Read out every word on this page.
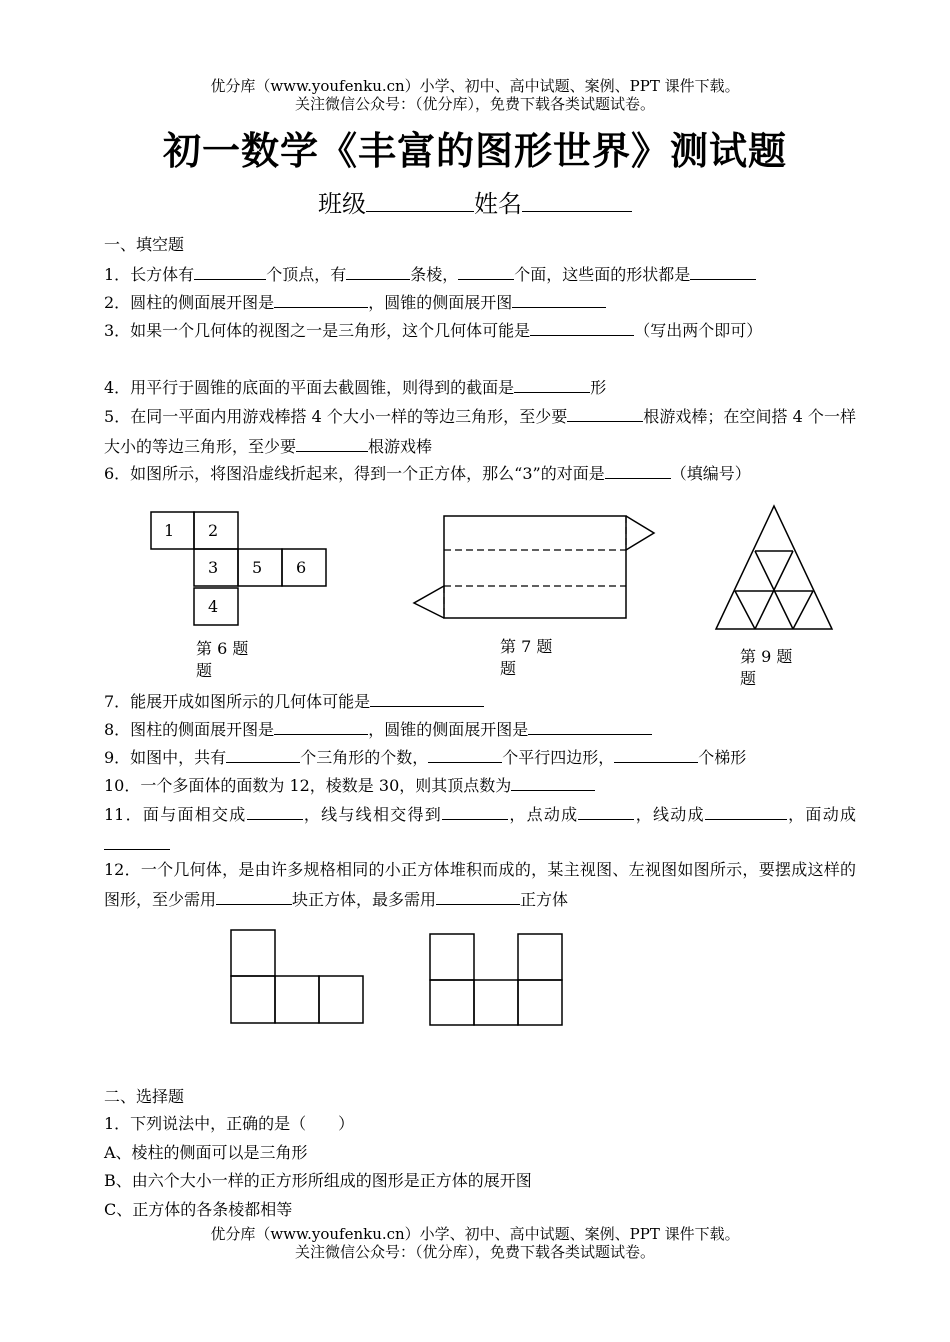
优分库（www.youfenku.cn）小学、初中、高中试题、案例、PPT 课件下载。
关注微信公众号：（优分库），免费下载各类试题试卷。
初一数学《丰富的图形世界》测试题
班级	姓名
一、填空题
1．长方体有	个顶点，有	条棱，	个面，这些面的形状都是
2．圆柱的侧面展开图是	，圆锥的侧面展开图
3．如果一个几何体的视图之一是三角形，这个几何体可能是	（写出两个即可）
4．用平行于圆锥的底面的平面去截圆锥，则得到的截面是	形
5．在同一平面内用游戏棒搭 4 个大小一样的等边三角形，至少要	根游戏棒；在空间搭 4 个一样大小的等边三角形，至少要	根游戏棒
6．如图所示，将图沿虚线折起来，得到一个正方体，那么“3”的对面是	（填编号）
1 2
3 5 6
4
第 6 题
题
第 7 题
题
第 9 题
题
7．能展开成如图所示的几何体可能是
8．图柱的侧面展开图是	，圆锥的侧面展开图是
9．如图中，共有	个三角形的个数，	个平行四边形，	个梯形
10．一个多面体的面数为 12，棱数是 30，则其顶点数为
11．面与面相交成	，线与线相交得到	，点动成	，线动成	，面动成
12．一个几何体，是由许多规格相同的小正方体堆积而成的，某主视图、左视图如图所示，要摆成这样的图形，至少需用	块正方体，最多需用	正方体
二、选择题
1．下列说法中，正确的是（　　）
A、棱柱的侧面可以是三角形
B、由六个大小一样的正方形所组成的图形是正方体的展开图
C、正方体的各条棱都相等
优分库（www.youfenku.cn）小学、初中、高中试题、案例、PPT 课件下载。
关注微信公众号：（优分库），免费下载各类试题试卷。
